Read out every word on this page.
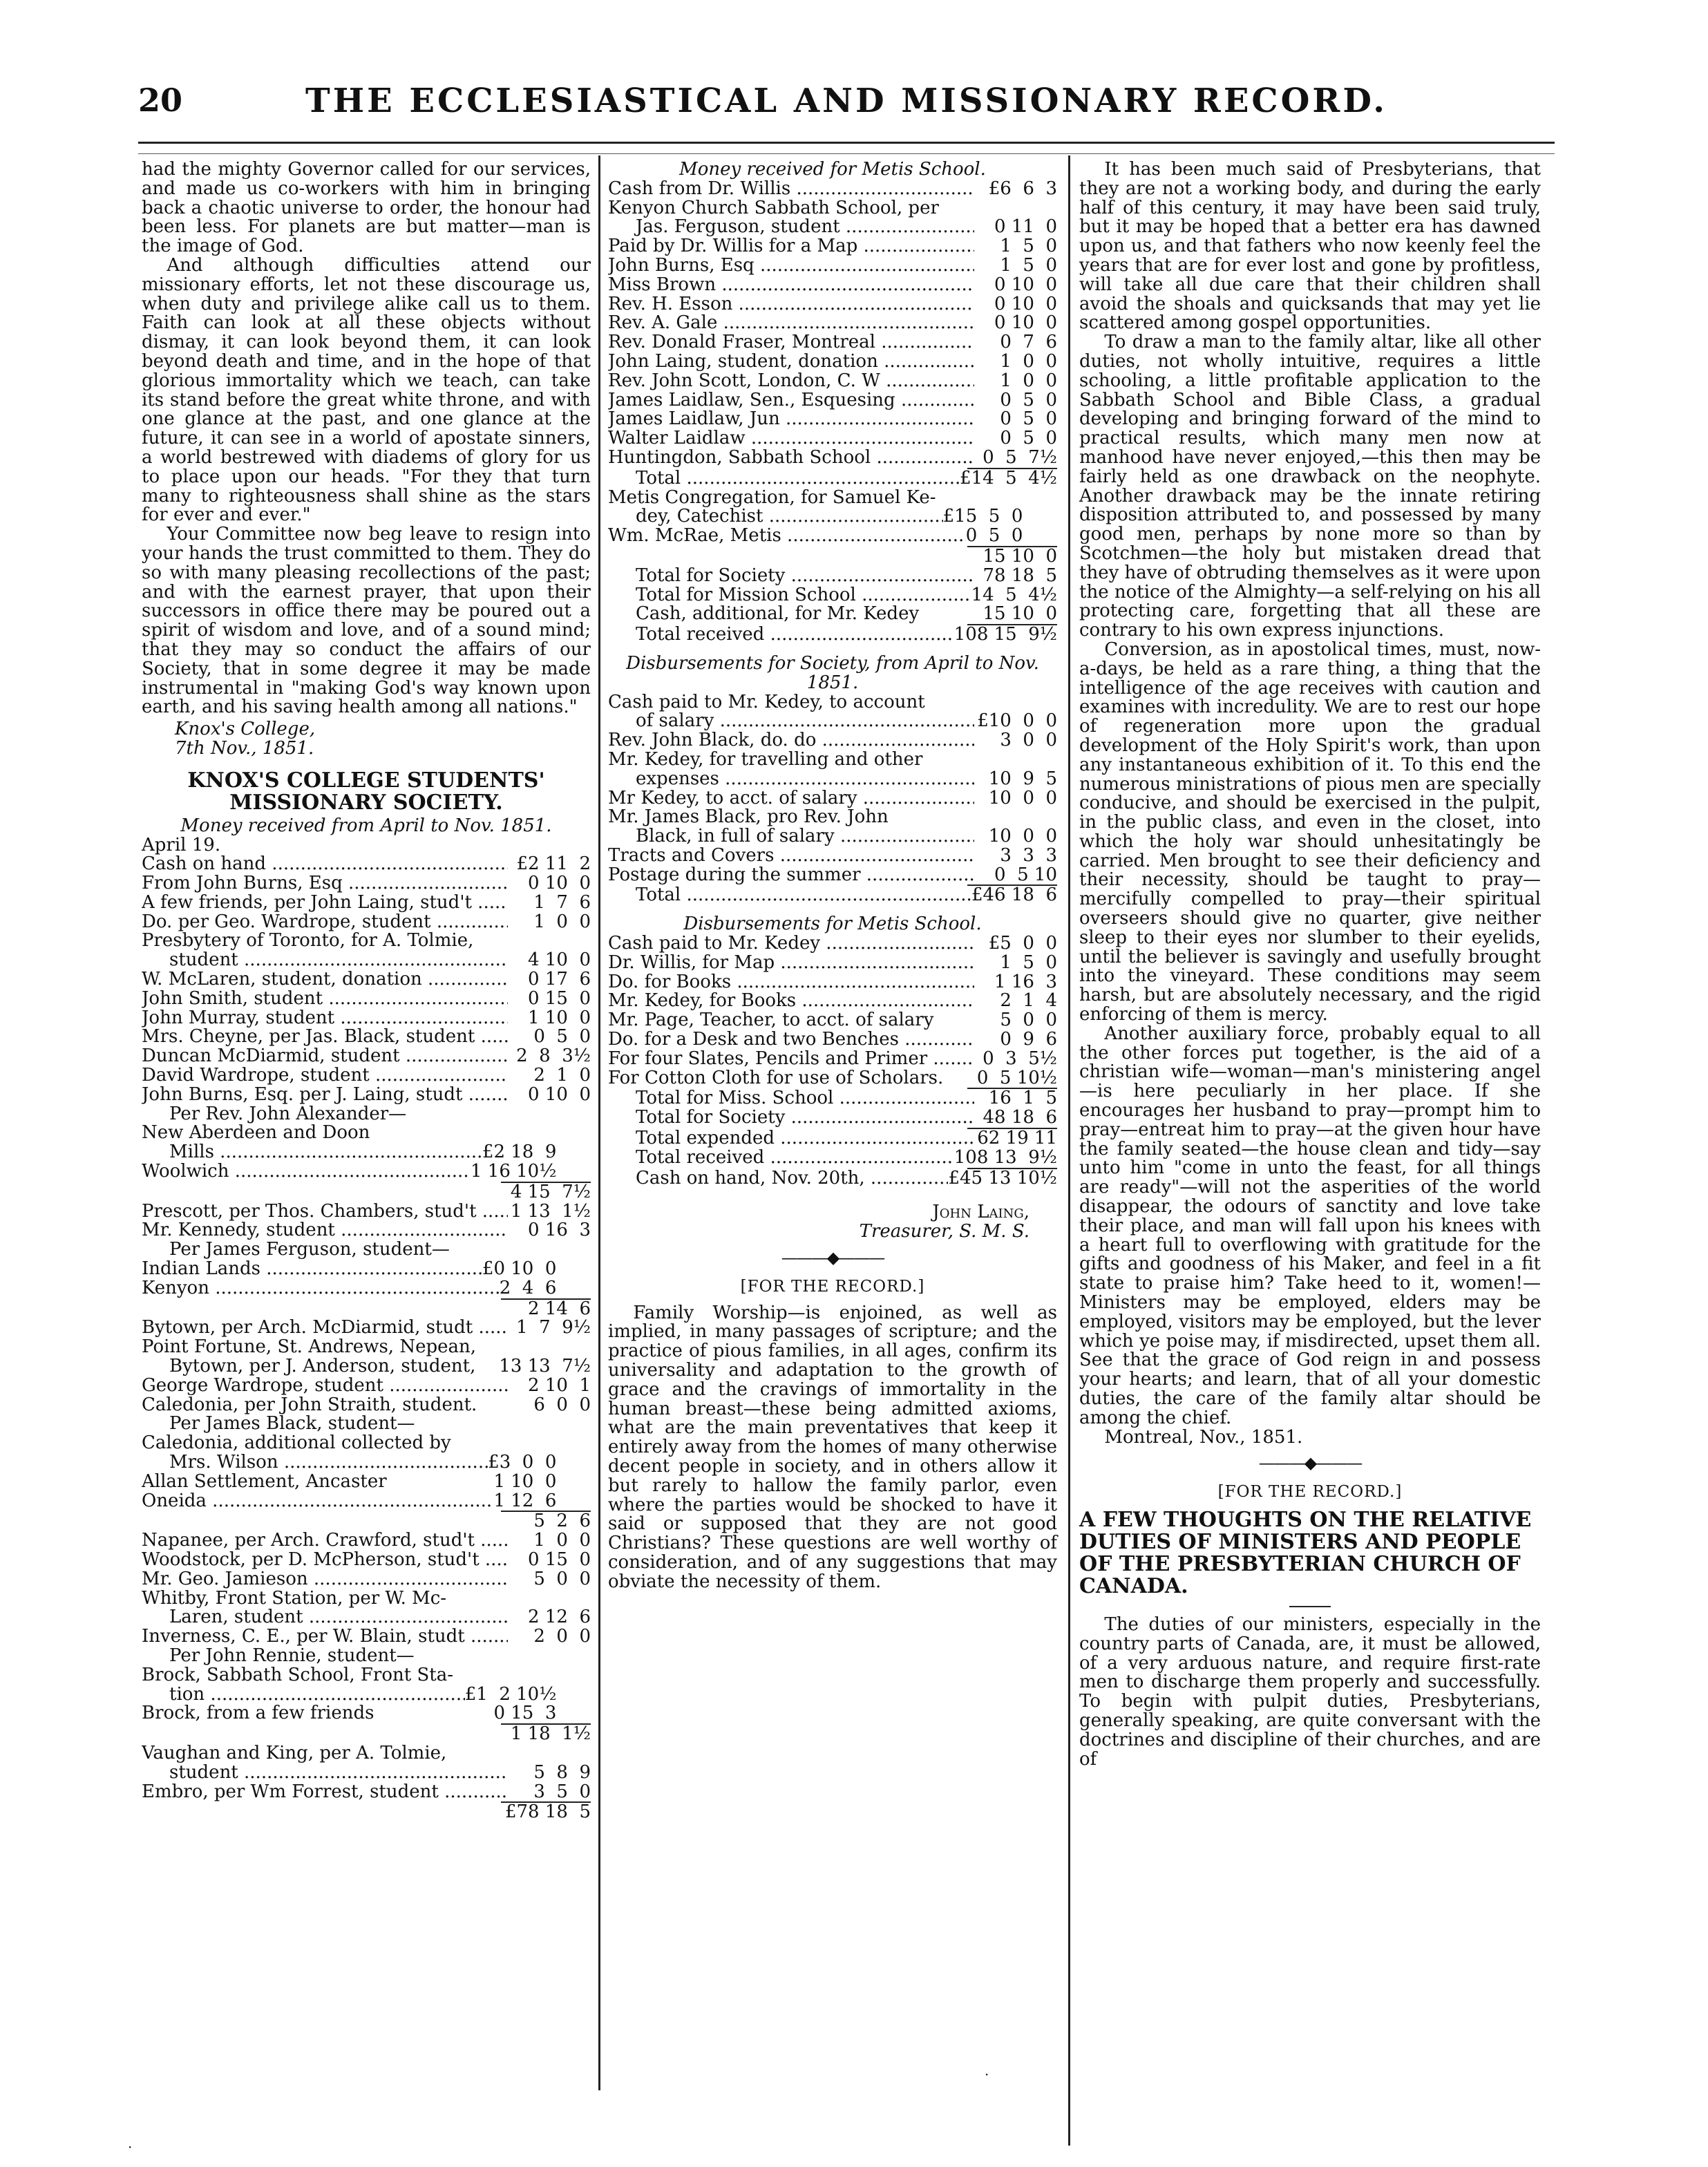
20	THE ECCLESIASTICAL AND MISSIONARY RECORD.

had the mighty Governor called for our services, and made us co-workers with him in bringing back a chaotic universe to order, the honour had been less. For planets are but matter—man is the image of God.

And although difficulties attend our missionary efforts, let not these discourage us, when duty and privilege alike call us to them. Faith can look at all these objects without dismay, it can look beyond them, it can look beyond death and time, and in the hope of that glorious immortality which we teach, can take its stand before the great white throne, and with one glance at the past, and one glance at the future, it can see in a world of apostate sinners, a world bestrewed with diadems of glory for us to place upon our heads. "For they that turn many to righteousness shall shine as the stars for ever and ever."

Your Committee now beg leave to resign into your hands the trust committed to them. They do so with many pleasing recollections of the past; and with the earnest prayer, that upon their successors in office there may be poured out a spirit of wisdom and love, and of a sound mind; that they may so conduct the affairs of our Society, that in some degree it may be made instrumental in "making God's way known upon earth, and his saving health among all nations."

Knox's College,
7th Nov., 1851.
KNOX'S COLLEGE STUDENTS' MISSIONARY SOCIETY.
Money received from April to Nov. 1851.
April 19.
Cash on hand .....	£2 11  2
From John Burns, Esq .....	0 10  0
A few friends, per John Laing, stud't .....	1  7  6
Do. per Geo. Wardrope, student .....	1  0  0
Presbytery of Toronto, for A. Tolmie,
student .....	4 10  0
W. McLaren, student, donation .....	0 17  6
John Smith, student .....	0 15  0
John Murray, student .....	1 10  0
Mrs. Cheyne, per Jas. Black, student .....	0  5  0
Duncan McDiarmid, student .....	2  8  3½
David Wardrope, student .....	2  1  0
John Burns, Esq. per J. Laing, studt .....	0 10  0
Per Rev. John Alexander—
New Aberdeen and Doon
Mills .....	£2 18  9
Woolwich .....	1 16 10½
4 15  7½
Prescott, per Thos. Chambers, stud't .....	1 13  1½
Mr. Kennedy, student .....	0 16  3
Per James Ferguson, student—
Indian Lands .....	£0 10  0
Kenyon .....	2  4  6
2 14  6
Bytown, per Arch. McDiarmid, studt .....	1  7  9½
Point Fortune, St. Andrews, Nepean,
Bytown, per J. Anderson, student,	13 13  7½
George Wardrope, student .....	2 10  1
Caledonia, per John Straith, student.	6  0  0
Per James Black, student—
Caledonia, additional collected by
Mrs. Wilson .....	£3  0  0
Allan Settlement, Ancaster	1 10  0
Oneida .....	1 12  6
5  2  6
Napanee, per Arch. Crawford, stud't .....	1  0  0
Woodstock, per D. McPherson, stud't .....	0 15  0
Mr. Geo. Jamieson .....	5  0  0
Whitby, Front Station, per W. Mc-
Laren, student .....	2 12  6
Inverness, C. E., per W. Blain, studt .....	2  0  0
Per John Rennie, student—
Brock, Sabbath School, Front Sta-
tion .....	£1  2 10½
Brock, from a few friends	0 15  3
1 18  1½
Vaughan and King, per A. Tolmie,
student .....	5  8  9
Embro, per Wm Forrest, student .....	3  5  0
£78 18  5
Money received for Metis School.
Cash from Dr. Willis .....	£6  6  3
Kenyon Church Sabbath School, per
Jas. Ferguson, student .....	0 11  0
Paid by Dr. Willis for a Map .....	1  5  0
John Burns, Esq .....	1  5  0
Miss Brown .....	0 10  0
Rev. H. Esson .....	0 10  0
Rev. A. Gale .....	0 10  0
Rev. Donald Fraser, Montreal .....	0  7  6
John Laing, student, donation .....	1  0  0
Rev. John Scott, London, C. W .....	1  0  0
James Laidlaw, Sen., Esquesing .....	0  5  0
James Laidlaw, Jun .....	0  5  0
Walter Laidlaw .....	0  5  0
Huntingdon, Sabbath School .....	0  5  7½
Total .....	£14  5  4½
Metis Congregation, for Samuel Ke-
dey, Catechist .....	£15  5  0
Wm. McRae, Metis .....	0  5  0
15 10  0
Total for Society .....	78 18  5
Total for Mission School .....	14  5  4½
Cash, additional, for Mr. Kedey	15 10  0
Total received .....	108 15  9½
Disbursements for Society, from April to Nov. 1851.
Cash paid to Mr. Kedey, to account
of salary .....	£10  0  0
Rev. John Black, do. do .....	3  0  0
Mr. Kedey, for travelling and other
expenses .....	10  9  5
Mr Kedey, to acct. of salary .....	10  0  0
Mr. James Black, pro Rev. John
Black, in full of salary .....	10  0  0
Tracts and Covers .....	3  3  3
Postage during the summer .....	0  5 10
Total .....	£46 18  6
Disbursements for Metis School.
Cash paid to Mr. Kedey .....	£5  0  0
Dr. Willis, for Map .....	1  5  0
Do. for Books .....	1 16  3
Mr. Kedey, for Books .....	2  1  4
Mr. Page, Teacher, to acct. of salary	5  0  0
Do. for a Desk and two Benches .....	0  9  6
For four Slates, Pencils and Primer .....	0  3  5½
For Cotton Cloth for use of Scholars.	0  5 10½
Total for Miss. School .....	16  1  5
Total for Society .....	48 18  6
Total expended .....	62 19 11
Total received .....	108 13  9½
Cash on hand, Nov. 20th, .....	£45 13 10½
John Laing,
Treasurer, S. M. S.
———◆———
[FOR THE RECORD.]

Family Worship—is enjoined, as well as implied, in many passages of scripture; and the practice of pious families, in all ages, confirm its universality and adaptation to the growth of grace and the cravings of immortality in the human breast—these being admitted axioms, what are the main preventatives that keep it entirely away from the homes of many otherwise decent people in society, and in others allow it but rarely to hallow the family parlor, even where the parties would be shocked to have it said or supposed that they are not good Christians? These questions are well worthy of consideration, and of any suggestions that may obviate the necessity of them.

It has been much said of Presbyterians, that they are not a working body, and during the early half of this century, it may have been said truly, but it may be hoped that a better era has dawned upon us, and that fathers who now keenly feel the years that are for ever lost and gone by profitless, will take all due care that their children shall avoid the shoals and quicksands that may yet lie scattered among gospel opportunities.

To draw a man to the family altar, like all other duties, not wholly intuitive, requires a little schooling, a little profitable application to the Sabbath School and Bible Class, a gradual developing and bringing forward of the mind to practical results, which many men now at manhood have never enjoyed,—this then may be fairly held as one drawback on the neophyte. Another drawback may be the innate retiring disposition attributed to, and possessed by many good men, perhaps by none more so than by Scotchmen—the holy but mistaken dread that they have of obtruding themselves as it were upon the notice of the Almighty—a self-relying on his all protecting care, forgetting that all these are contrary to his own express injunctions.

Conversion, as in apostolical times, must, now-a-days, be held as a rare thing, a thing that the intelligence of the age receives with caution and examines with incredulity. We are to rest our hope of regeneration more upon the gradual development of the Holy Spirit's work, than upon any instantaneous exhibition of it. To this end the numerous ministrations of pious men are specially conducive, and should be exercised in the pulpit, in the public class, and even in the closet, into which the holy war should unhesitatingly be carried. Men brought to see their deficiency and their necessity, should be taught to pray—mercifully compelled to pray—their spiritual overseers should give no quarter, give neither sleep to their eyes nor slumber to their eyelids, until the believer is savingly and usefully brought into the vineyard. These conditions may seem harsh, but are absolutely necessary, and the rigid enforcing of them is mercy.

Another auxiliary force, probably equal to all the other forces put together, is the aid of a christian wife—woman—man's ministering angel—is here peculiarly in her place. If she encourages her husband to pray—prompt him to pray—entreat him to pray—at the given hour have the family seated—the house clean and tidy—say unto him "come in unto the feast, for all things are ready"—will not the asperities of the world disappear, the odours of sanctity and love take their place, and man will fall upon his knees with a heart full to overflowing with gratitude for the gifts and goodness of his Maker, and feel in a fit state to praise him? Take heed to it, women!—Ministers may be employed, elders may be employed, visitors may be employed, but the lever which ye poise may, if misdirected, upset them all. See that the grace of God reign in and possess your hearts; and learn, that of all your domestic duties, the care of the family altar should be among the chief.

Montreal, Nov., 1851.

———◆———
[FOR THE RECORD.]
A FEW THOUGHTS ON THE RELATIVE DUTIES OF MINISTERS AND PEOPLE OF THE PRESBYTERIAN CHURCH OF CANADA.

The duties of our ministers, especially in the country parts of Canada, are, it must be allowed, of a very arduous nature, and require first-rate men to discharge them properly and successfully. To begin with pulpit duties, Presbyterians, generally speaking, are quite conversant with the doctrines and discipline of their churches, and are of

·
·
